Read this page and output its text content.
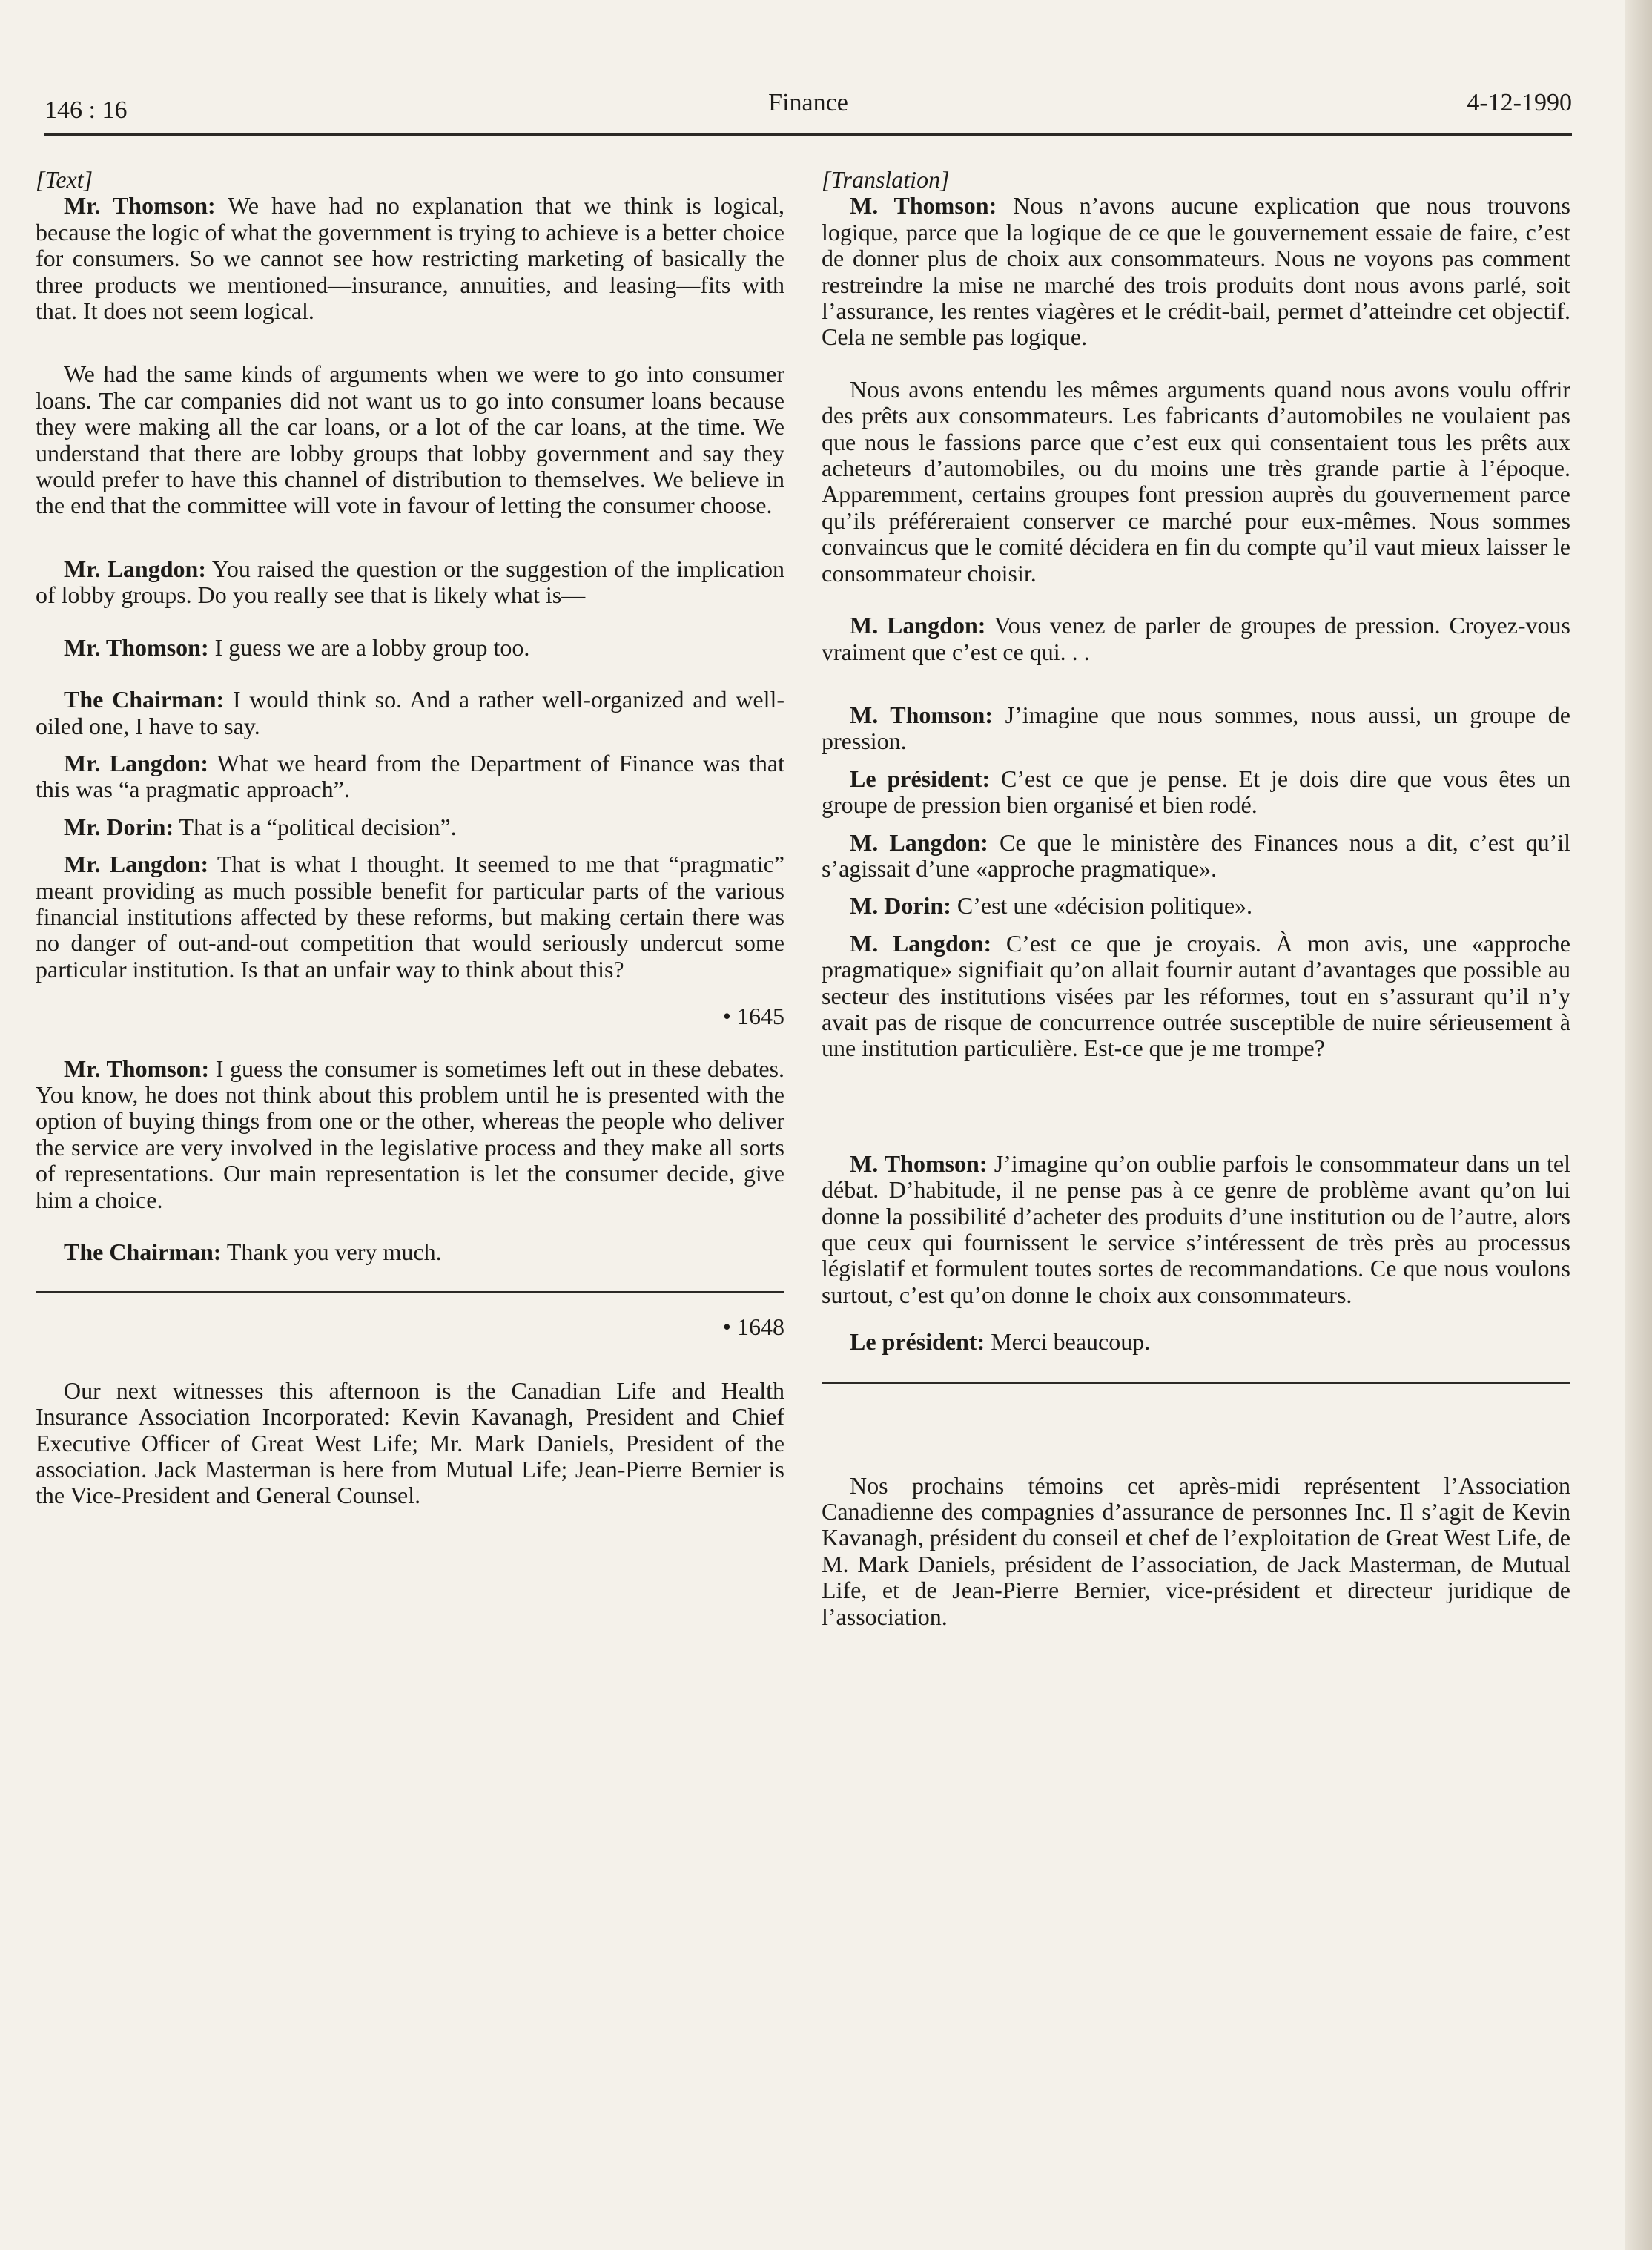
146 : 16	Finance	4-12-1990

[Text]

Mr. Thomson: We have had no explanation that we think is logical, because the logic of what the government is trying to achieve is a better choice for consumers. So we cannot see how restricting marketing of basically the three products we mentioned—insurance, annuities, and leasing—fits with that. It does not seem logical.

We had the same kinds of arguments when we were to go into consumer loans. The car companies did not want us to go into consumer loans because they were making all the car loans, or a lot of the car loans, at the time. We understand that there are lobby groups that lobby government and say they would prefer to have this channel of distribution to themselves. We believe in the end that the committee will vote in favour of letting the consumer choose.

Mr. Langdon: You raised the question or the suggestion of the implication of lobby groups. Do you really see that is likely what is—

Mr. Thomson: I guess we are a lobby group too.

The Chairman: I would think so. And a rather well-organized and well-oiled one, I have to say.

Mr. Langdon: What we heard from the Department of Finance was that this was “a pragmatic approach”.

Mr. Dorin: That is a “political decision”.

Mr. Langdon: That is what I thought. It seemed to me that “pragmatic” meant providing as much possible benefit for particular parts of the various financial institutions affected by these reforms, but making certain there was no danger of out-and-out competition that would seriously undercut some particular institution. Is that an unfair way to think about this?

• 1645

Mr. Thomson: I guess the consumer is sometimes left out in these debates. You know, he does not think about this problem until he is presented with the option of buying things from one or the other, whereas the people who deliver the service are very involved in the legislative process and they make all sorts of representations. Our main representation is let the consumer decide, give him a choice.

The Chairman: Thank you very much.

• 1648

Our next witnesses this afternoon is the Canadian Life and Health Insurance Association Incorporated: Kevin Kavanagh, President and Chief Executive Officer of Great West Life; Mr. Mark Daniels, President of the association. Jack Masterman is here from Mutual Life; Jean-Pierre Bernier is the Vice-President and General Counsel.

[Translation]

M. Thomson: Nous n’avons aucune explication que nous trouvons logique, parce que la logique de ce que le gouvernement essaie de faire, c’est de donner plus de choix aux consommateurs. Nous ne voyons pas comment restreindre la mise ne marché des trois produits dont nous avons parlé, soit l’assurance, les rentes viagères et le crédit-bail, permet d’atteindre cet objectif. Cela ne semble pas logique.

Nous avons entendu les mêmes arguments quand nous avons voulu offrir des prêts aux consommateurs. Les fabricants d’automobiles ne voulaient pas que nous le fassions parce que c’est eux qui consentaient tous les prêts aux acheteurs d’automobiles, ou du moins une très grande partie à l’époque. Apparemment, certains groupes font pression auprès du gouvernement parce qu’ils préféreraient conserver ce marché pour eux-mêmes. Nous sommes convaincus que le comité décidera en fin du compte qu’il vaut mieux laisser le consommateur choisir.

M. Langdon: Vous venez de parler de groupes de pression. Croyez-vous vraiment que c’est ce qui. . .

M. Thomson: J’imagine que nous sommes, nous aussi, un groupe de pression.

Le président: C’est ce que je pense. Et je dois dire que vous êtes un groupe de pression bien organisé et bien rodé.

M. Langdon: Ce que le ministère des Finances nous a dit, c’est qu’il s’agissait d’une «approche pragmatique».

M. Dorin: C’est une «décision politique».

M. Langdon: C’est ce que je croyais. À mon avis, une «approche pragmatique» signifiait qu’on allait fournir autant d’avantages que possible au secteur des institutions visées par les réformes, tout en s’assurant qu’il n’y avait pas de risque de concurrence outrée susceptible de nuire sérieusement à une institution particulière. Est-ce que je me trompe?

M. Thomson: J’imagine qu’on oublie parfois le consommateur dans un tel débat. D’habitude, il ne pense pas à ce genre de problème avant qu’on lui donne la possibilité d’acheter des produits d’une institution ou de l’autre, alors que ceux qui fournissent le service s’intéressent de très près au processus législatif et formulent toutes sortes de recommandations. Ce que nous voulons surtout, c’est qu’on donne le choix aux consommateurs.

Le président: Merci beaucoup.

Nos prochains témoins cet après-midi représentent l’Association Canadienne des compagnies d’assurance de personnes Inc. Il s’agit de Kevin Kavanagh, président du conseil et chef de l’exploitation de Great West Life, de M. Mark Daniels, président de l’association, de Jack Masterman, de Mutual Life, et de Jean-Pierre Bernier, vice-président et directeur juridique de l’association.
